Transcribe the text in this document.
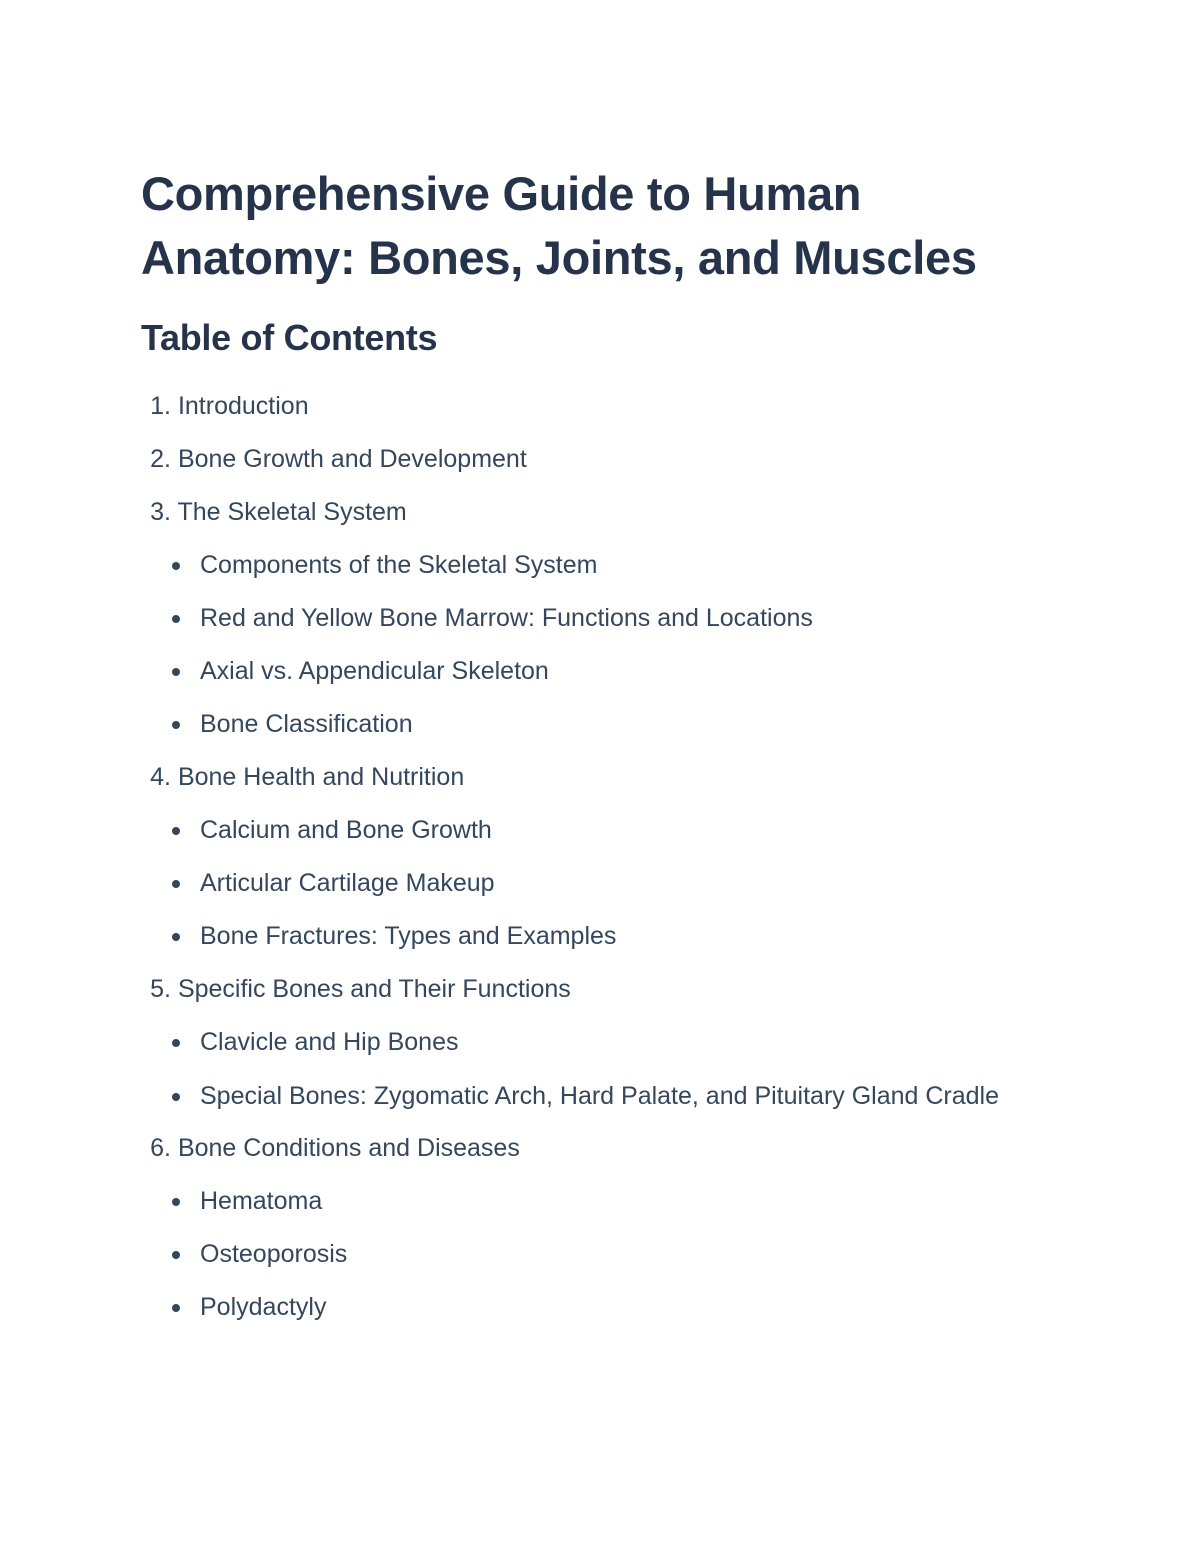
Comprehensive Guide to Human Anatomy: Bones, Joints, and Muscles
Table of Contents
1. Introduction
2. Bone Growth and Development
3. The Skeletal System
Components of the Skeletal System
Red and Yellow Bone Marrow: Functions and Locations
Axial vs. Appendicular Skeleton
Bone Classification
4. Bone Health and Nutrition
Calcium and Bone Growth
Articular Cartilage Makeup
Bone Fractures: Types and Examples
5. Specific Bones and Their Functions
Clavicle and Hip Bones
Special Bones: Zygomatic Arch, Hard Palate, and Pituitary Gland Cradle
6. Bone Conditions and Diseases
Hematoma
Osteoporosis
Polydactyly
